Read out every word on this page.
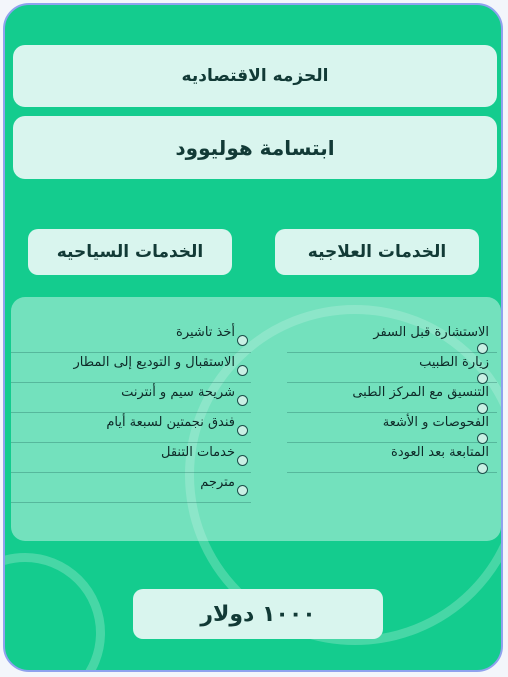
الحزمه الاقتصاديه
ابتسامة هوليوود
الخدمات العلاجيه
الخدمات السياحيه
الاستشارة قبل السفر
زيارة الطبيب
التنسيق مع المركز الطبى
الفحوصات و الأشعة
المتابعة بعد العودة
أخذ تاشيرة
الاستقبال و التوديع إلى المطار
شريحة سيم و أنترنت
فندق نجمتين لسبعة أيام
خدمات التنقل
مترجم
١٠٠٠ دولار
